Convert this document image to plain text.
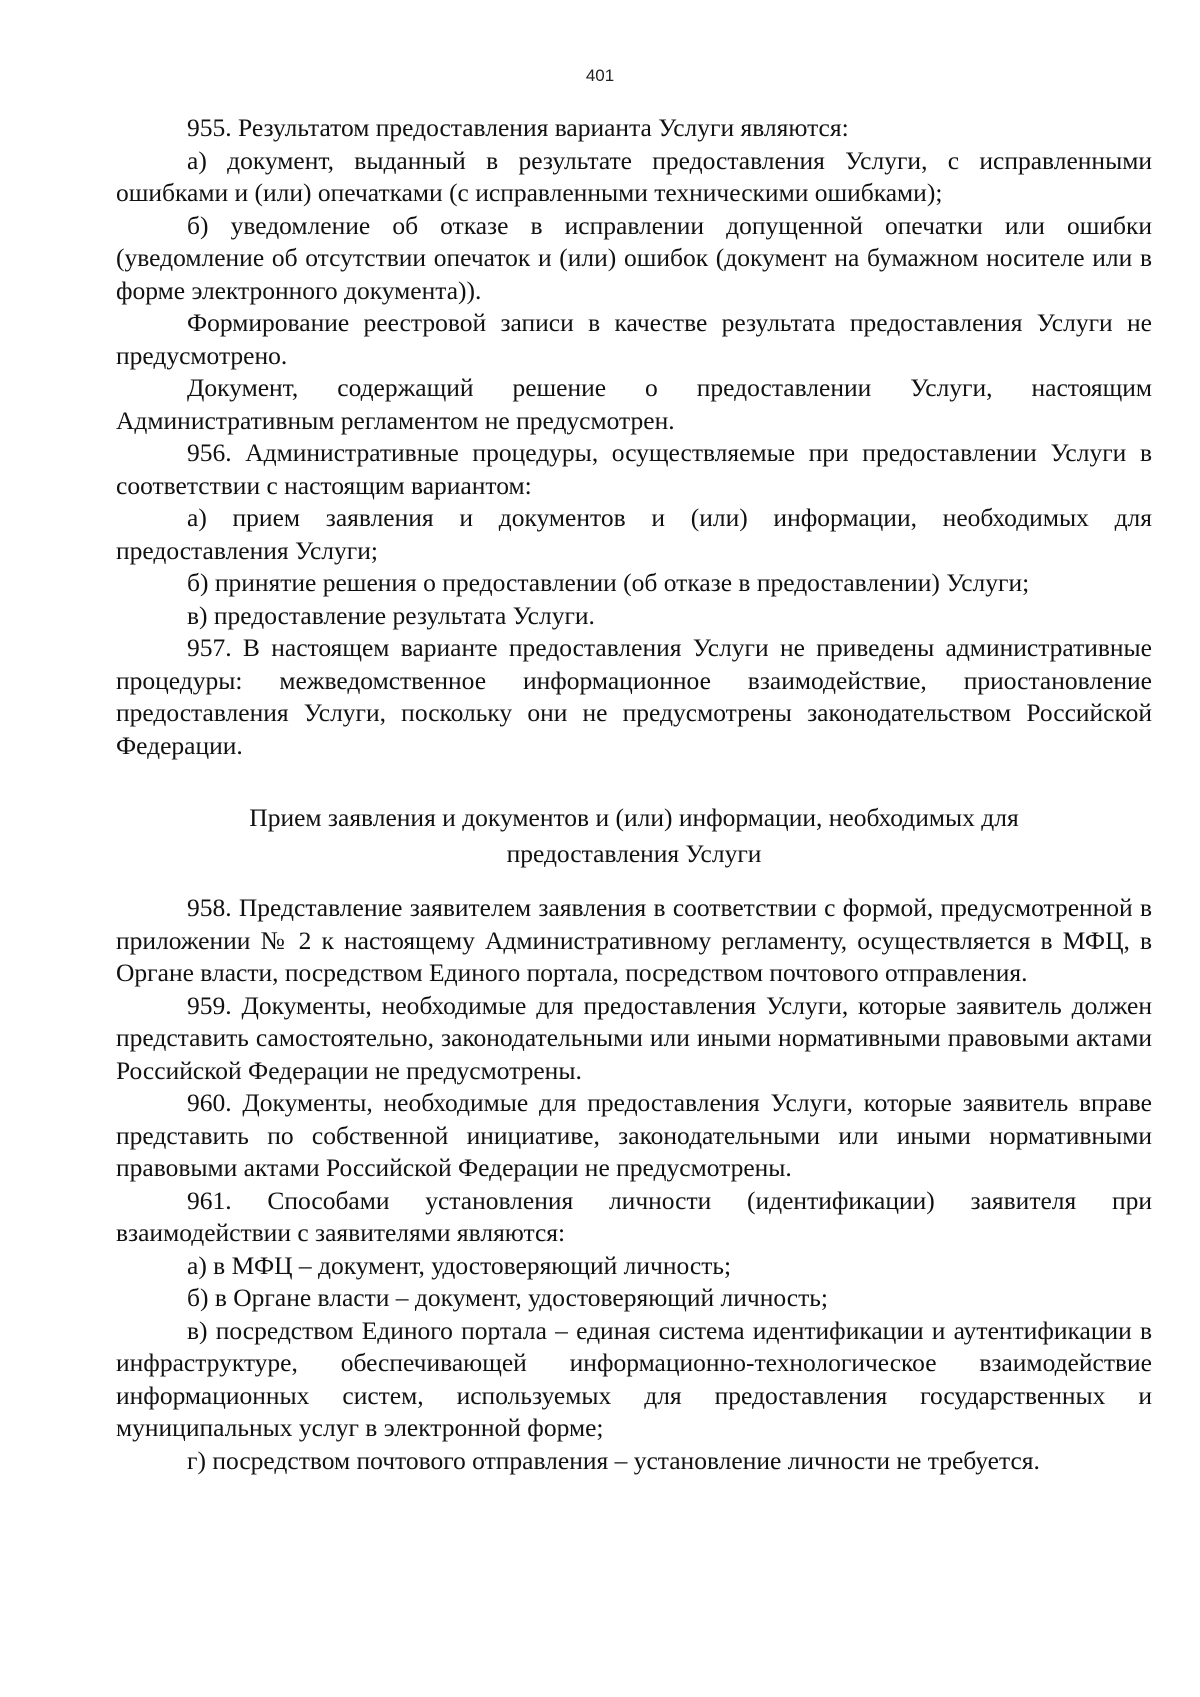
401

955. Результатом предоставления варианта Услуги являются:

а) документ, выданный в результате предоставления Услуги, с исправленными ошибками и (или) опечатками (с исправленными техническими ошибками);

б) уведомление об отказе в исправлении допущенной опечатки или ошибки (уведомление об отсутствии опечаток и (или) ошибок (документ на бумажном носителе или в форме электронного документа)).

Формирование реестровой записи в качестве результата предоставления Услуги не предусмотрено.

Документ, содержащий решение о предоставлении Услуги, настоящим Административным регламентом не предусмотрен.

956. Административные процедуры, осуществляемые при предоставлении Услуги в соответствии с настоящим вариантом:

а) прием заявления и документов и (или) информации, необходимых для предоставления Услуги;

б) принятие решения о предоставлении (об отказе в предоставлении) Услуги;

в) предоставление результата Услуги.

957. В настоящем варианте предоставления Услуги не приведены административные процедуры: межведомственное информационное взаимодействие, приостановление предоставления Услуги, поскольку они не предусмотрены законодательством Российской Федерации.

Прием заявления и документов и (или) информации, необходимых для
предоставления Услуги

958. Представление заявителем заявления в соответствии с формой, предусмотренной в приложении № 2 к настоящему Административному регламенту, осуществляется в МФЦ, в Органе власти, посредством Единого портала, посредством почтового отправления.

959. Документы, необходимые для предоставления Услуги, которые заявитель должен представить самостоятельно, законодательными или иными нормативными правовыми актами Российской Федерации не предусмотрены.

960. Документы, необходимые для предоставления Услуги, которые заявитель вправе представить по собственной инициативе, законодательными или иными нормативными правовыми актами Российской Федерации не предусмотрены.

961. Способами установления личности (идентификации) заявителя при взаимодействии с заявителями являются:

а) в МФЦ – документ, удостоверяющий личность;

б) в Органе власти – документ, удостоверяющий личность;

в) посредством Единого портала – единая система идентификации и аутентификации в инфраструктуре, обеспечивающей информационно-технологическое взаимодействие информационных систем, используемых для предоставления государственных и муниципальных услуг в электронной форме;

г) посредством почтового отправления – установление личности не требуется.
